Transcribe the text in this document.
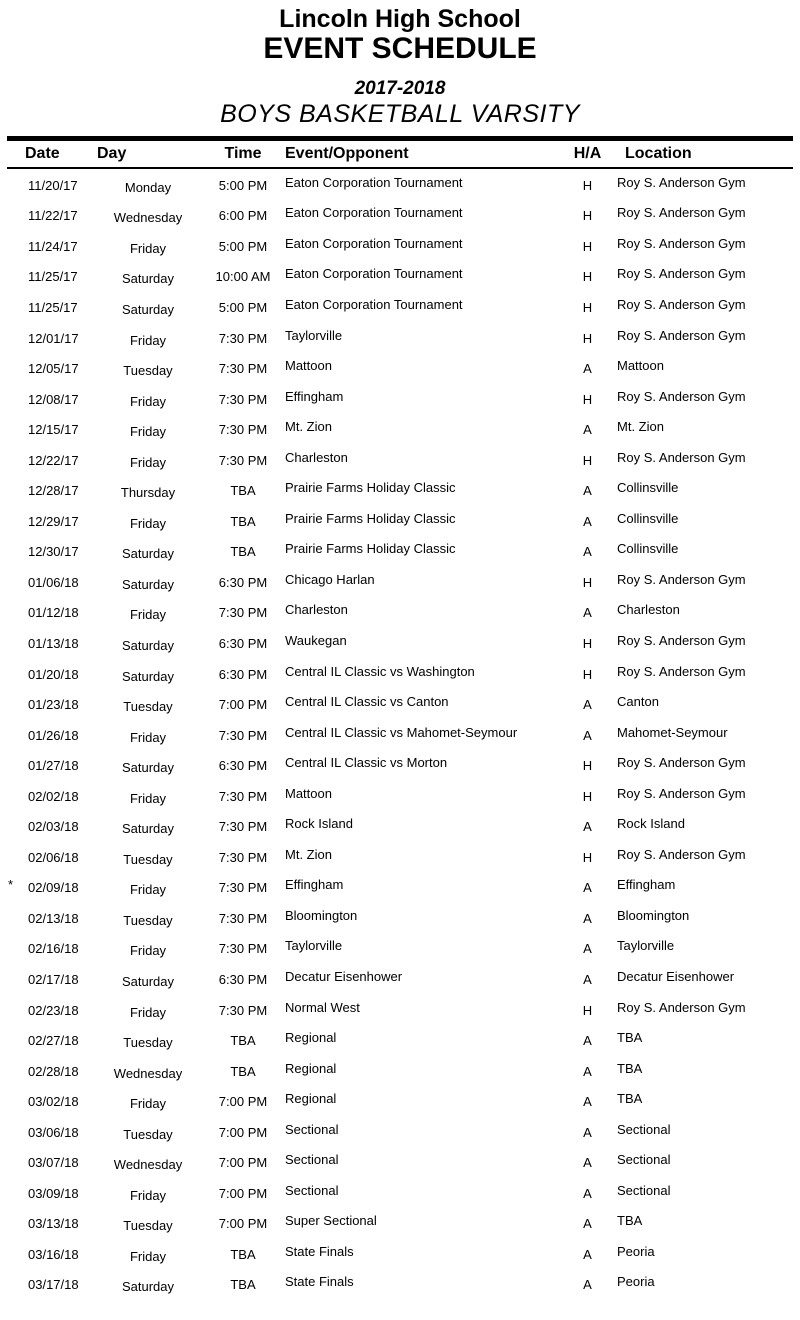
Lincoln High School
EVENT SCHEDULE
2017-2018
BOYS BASKETBALL VARSITY
Date	Day	Time	Event/Opponent	H/A	Location
11/20/17	Monday	5:00 PM	Eaton Corporation Tournament	H	Roy S. Anderson Gym
11/22/17	Wednesday	6:00 PM	Eaton Corporation Tournament	H	Roy S. Anderson Gym
11/24/17	Friday	5:00 PM	Eaton Corporation Tournament	H	Roy S. Anderson Gym
11/25/17	Saturday	10:00 AM	Eaton Corporation Tournament	H	Roy S. Anderson Gym
11/25/17	Saturday	5:00 PM	Eaton Corporation Tournament	H	Roy S. Anderson Gym
12/01/17	Friday	7:30 PM	Taylorville	H	Roy S. Anderson Gym
12/05/17	Tuesday	7:30 PM	Mattoon	A	Mattoon
12/08/17	Friday	7:30 PM	Effingham	H	Roy S. Anderson Gym
12/15/17	Friday	7:30 PM	Mt. Zion	A	Mt. Zion
12/22/17	Friday	7:30 PM	Charleston	H	Roy S. Anderson Gym
12/28/17	Thursday	TBA	Prairie Farms Holiday Classic	A	Collinsville
12/29/17	Friday	TBA	Prairie Farms Holiday Classic	A	Collinsville
12/30/17	Saturday	TBA	Prairie Farms Holiday Classic	A	Collinsville
01/06/18	Saturday	6:30 PM	Chicago Harlan	H	Roy S. Anderson Gym
01/12/18	Friday	7:30 PM	Charleston	A	Charleston
01/13/18	Saturday	6:30 PM	Waukegan	H	Roy S. Anderson Gym
01/20/18	Saturday	6:30 PM	Central IL Classic vs Washington	H	Roy S. Anderson Gym
01/23/18	Tuesday	7:00 PM	Central IL Classic vs Canton	A	Canton
01/26/18	Friday	7:30 PM	Central IL Classic vs Mahomet-Seymour	A	Mahomet-Seymour
01/27/18	Saturday	6:30 PM	Central IL Classic vs Morton	H	Roy S. Anderson Gym
02/02/18	Friday	7:30 PM	Mattoon	H	Roy S. Anderson Gym
02/03/18	Saturday	7:30 PM	Rock Island	A	Rock Island
02/06/18	Tuesday	7:30 PM	Mt. Zion	H	Roy S. Anderson Gym
*	02/09/18	Friday	7:30 PM	Effingham	A	Effingham
02/13/18	Tuesday	7:30 PM	Bloomington	A	Bloomington
02/16/18	Friday	7:30 PM	Taylorville	A	Taylorville
02/17/18	Saturday	6:30 PM	Decatur Eisenhower	A	Decatur Eisenhower
02/23/18	Friday	7:30 PM	Normal West	H	Roy S. Anderson Gym
02/27/18	Tuesday	TBA	Regional	A	TBA
02/28/18	Wednesday	TBA	Regional	A	TBA
03/02/18	Friday	7:00 PM	Regional	A	TBA
03/06/18	Tuesday	7:00 PM	Sectional	A	Sectional
03/07/18	Wednesday	7:00 PM	Sectional	A	Sectional
03/09/18	Friday	7:00 PM	Sectional	A	Sectional
03/13/18	Tuesday	7:00 PM	Super Sectional	A	TBA
03/16/18	Friday	TBA	State Finals	A	Peoria
03/17/18	Saturday	TBA	State Finals	A	Peoria
